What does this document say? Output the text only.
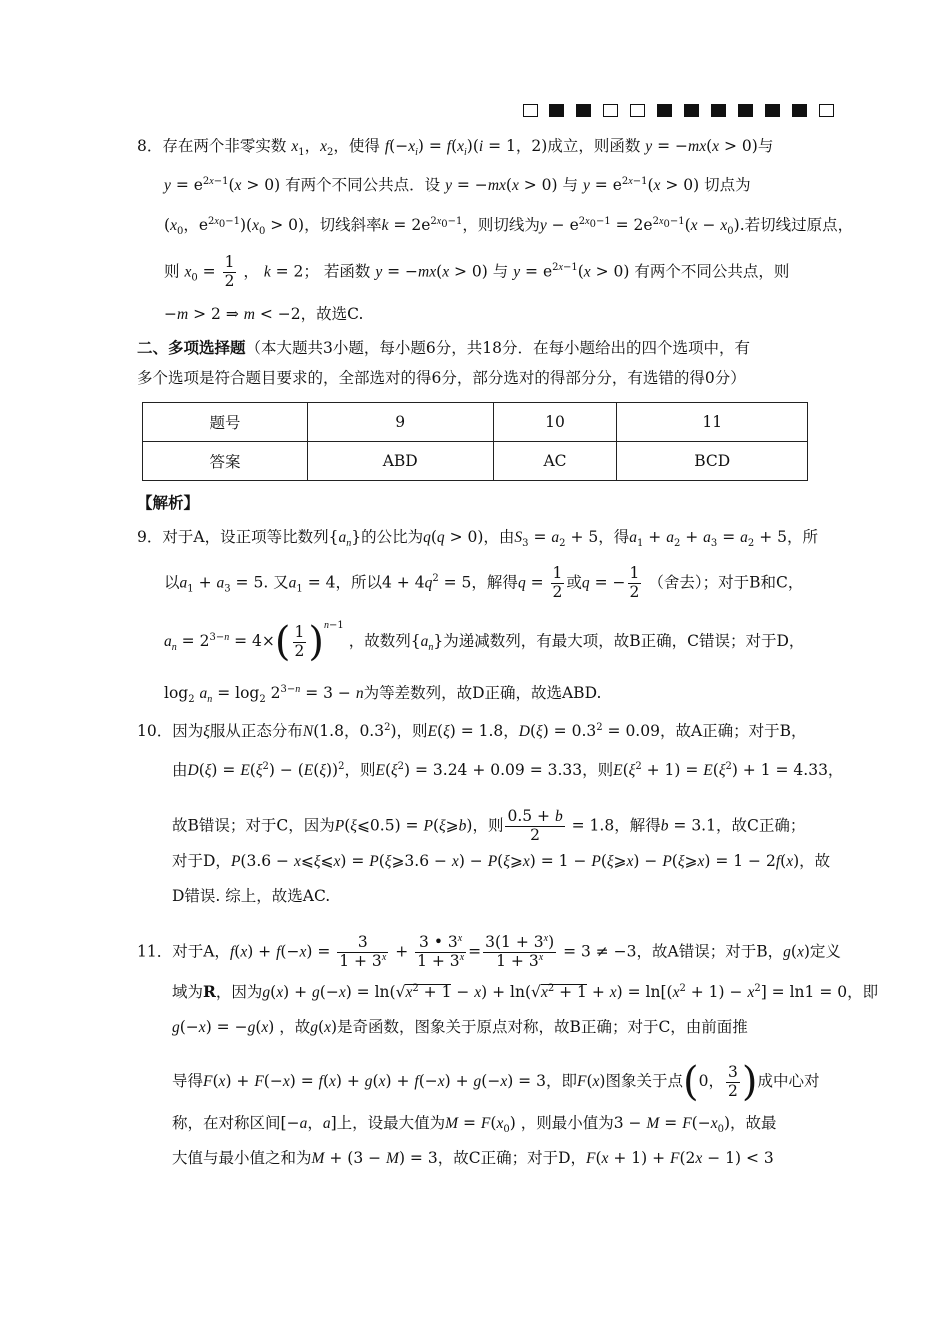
8．存在两个非零实数 $x_1$，$x_2$，使得 $f(-x_i) = f(x_i)(i = 1$，2)成立，则函数 y = −mx(x > 0)与
$y = e^{2x-1}(x > 0)$ 有两个不同公共点．设 y = −mx(x > 0) 与 $y = e^{2x-1}(x > 0)$ 切点为
($x_0$，$e^{2x_0-1})(x_0 > 0)$，切线斜率$k = 2e^{2x_0-1}$，则切线为$y - e^{2x_0-1} = 2e^{2x_0-1}(x - x_0)$.若切线过原点，
则 $x_0 = \frac{1}{2}$ ， k = 2； 若函数 y = −mx(x > 0) 与 $y = e^{2x-1}(x > 0)$ 有两个不同公共点，则
−m > 2 ⇒ m < −2，故选C.
二、多项选择题（本大题共3小题，每小题6分，共18分．在每小题给出的四个选项中，有
多个选项是符合题目要求的，全部选对的得6分，部分选对的得部分分，有选错的得0分）
题号	9	10	11
答案	ABD	AC	BCD
【解析】
9．对于A，设正项等比数列$\{a_n\}$的公比为q(q > 0)，由$S_3 = a_2 + 5$，得$a_1 + a_2 + a_3 = a_2 + 5$，所
以$a_1 + a_3 = 5$. 又$a_1 = 4$，所以$4 + 4q^2 = 5$，解得$q = \frac{1}{2}$ 或q = − $\frac{1}{2}$ （舍去）；对于B和C，
$a_n = 2^{3-n} = 4\times( \frac{1}{2} )^{n-1}$ ，故数列$\{a_n\}$为递减数列，有最大项，故B正确，C错误；对于D，
$\log_2 a_n = \log_2 2^{3-n} = 3 - n$为等差数列，故D正确，故选ABD.
10．因为ξ服从正态分布N(1.8，$0.3^2$)，则E(ξ) = 1.8，$D(\xi) = 0.3^2 = 0.09$，故A正确；对于B，
由$D(\xi) = E(\xi^2) - (E(\xi))^2$，则$E(\xi^2) = 3.24 + 0.09 = 3.33$，则$E(\xi^2 + 1) = E(\xi^2) + 1 = 4.33$，
故B错误；对于C，因为P(ξ⩽0.5) = P(ξ⩾b)，则 $\frac{0.5 + b}{2} = 1.8$，解得b = 3.1，故C正确；
对于D，P(3.6 − x⩽ξ⩽x) = P(ξ⩾3.6 − x) − P(ξ⩾x) = 1 − P(ξ⩾x) − P(ξ⩾x) = 1 − 2f(x)，故
D错误. 综上，故选AC.
11．对于A，$f(x) + f(-x) = \frac{3}{1 + 3^x} + \frac{3 • 3^x}{1 + 3^x} = \frac{3(1 + 3^x)}{1 + 3^x} = 3 \ne -3$，故A错误；对于B，g(x)定义
域为R，因为$g(x) + g(-x) = \ln(√x^2 + 1 - x) + \ln(√x^2 + 1 + x) = \ln[(x^2 + 1) - x^2] = \ln 1 = 0$，即
g(−x) = −g(x) ，故g(x)是奇函数，图象关于原点对称，故B正确；对于C，由前面推
导得F(x) + F(−x) = f(x) + g(x) + f(−x) + g(−x) = 3，即F(x)图象关于点(0， $\frac{3}{2}$ )成中心对
称，在对称区间[−a，a]上，设最大值为$M = F(x_0)$ ，则最小值为$3 - M = F(-x_0)$，故最
大值与最小值之和为M + (3 − M) = 3，故C正确；对于D，F(x + 1) + F(2x − 1) < 3
